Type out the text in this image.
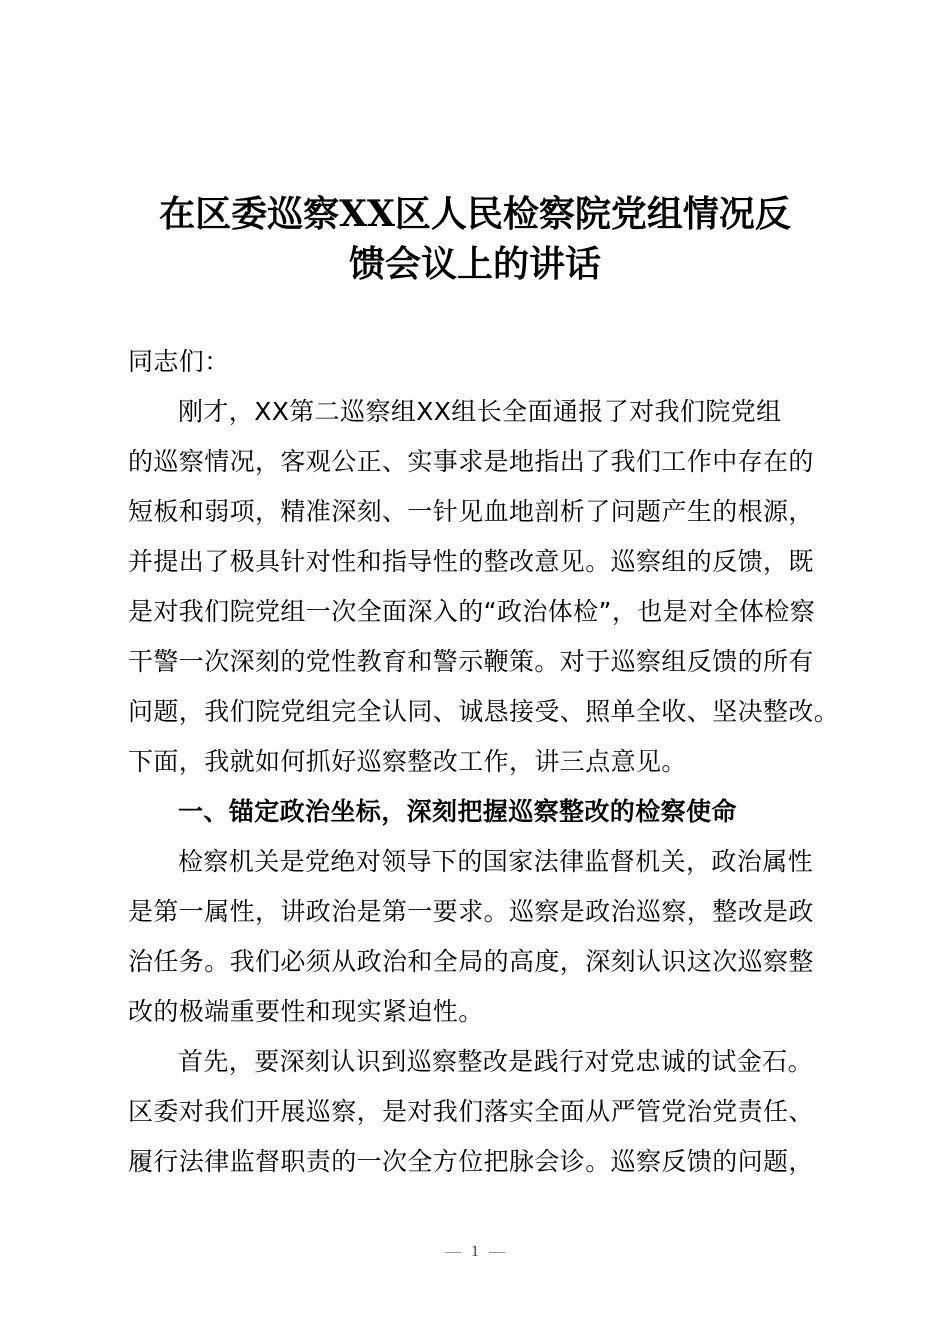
在区委巡察XX区人民检察院党组情况反
馈会议上的讲话
同志们：
刚才，XX第二巡察组XX组长全面通报了对我们院党组
的巡察情况，客观公正、实事求是地指出了我们工作中存在的
短板和弱项，精准深刻、一针见血地剖析了问题产生的根源，
并提出了极具针对性和指导性的整改意见。巡察组的反馈，既
是对我们院党组一次全面深入的“政治体检”，也是对全体检察
干警一次深刻的党性教育和警示鞭策。对于巡察组反馈的所有
问题，我们院党组完全认同、诚恳接受、照单全收、坚决整改。
下面，我就如何抓好巡察整改工作，讲三点意见。
一、锚定政治坐标，深刻把握巡察整改的检察使命
检察机关是党绝对领导下的国家法律监督机关，政治属性
是第一属性，讲政治是第一要求。巡察是政治巡察，整改是政
治任务。我们必须从政治和全局的高度，深刻认识这次巡察整
改的极端重要性和现实紧迫性。
首先，要深刻认识到巡察整改是践行对党忠诚的试金石。
区委对我们开展巡察，是对我们落实全面从严管党治党责任、
履行法律监督职责的一次全方位把脉会诊。巡察反馈的问题，
1
